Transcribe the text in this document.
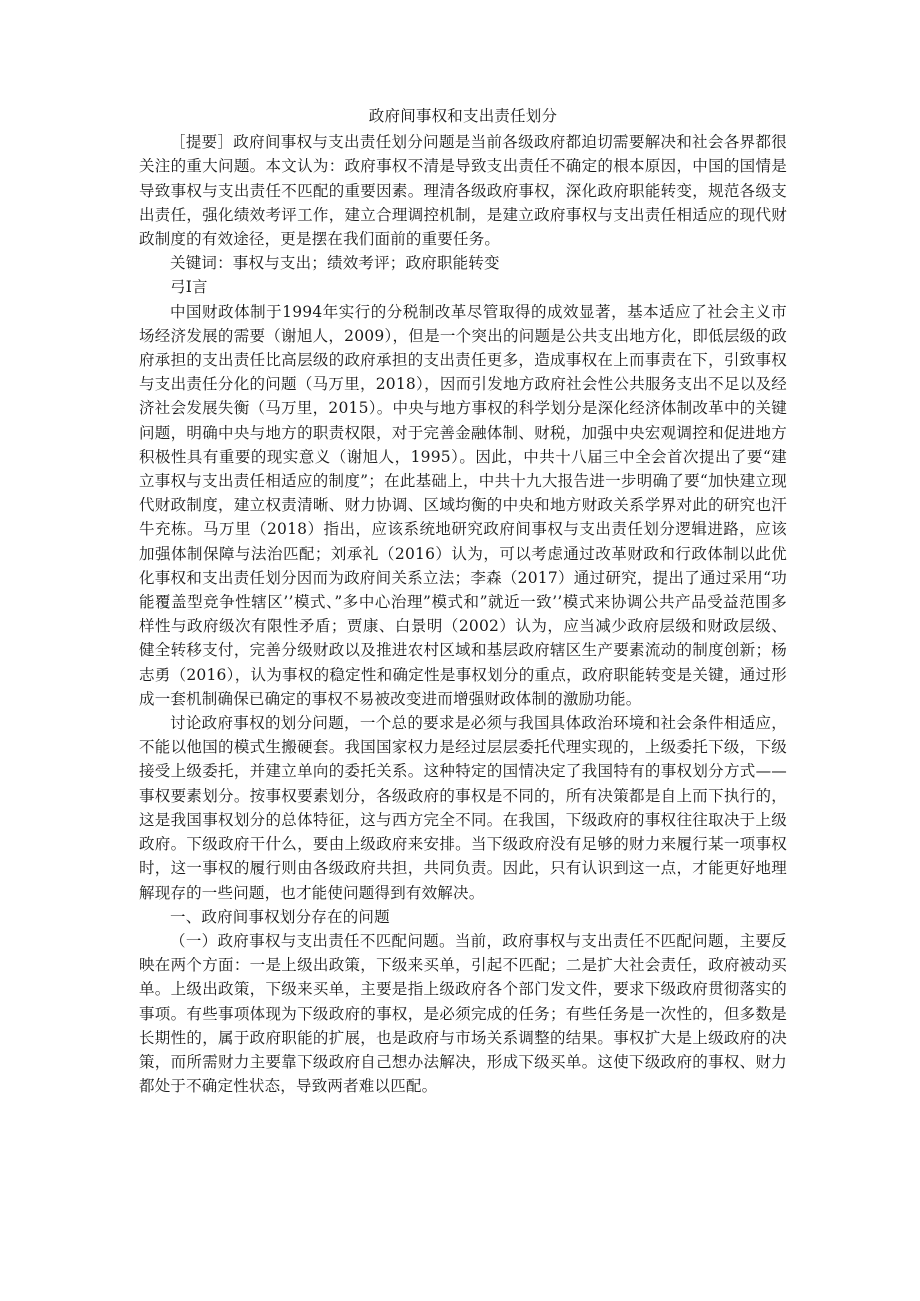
政府间事权和支出责任划分

［提要］政府间事权与支出责任划分问题是当前各级政府都迫切需要解决和社会各界都很关注的重大问题。本文认为：政府事权不清是导致支出责任不确定的根本原因，中国的国情是导致事权与支出责任不匹配的重要因素。理清各级政府事权，深化政府职能转变，规范各级支出责任，强化绩效考评工作，建立合理调控机制，是建立政府事权与支出责任相适应的现代财政制度的有效途径，更是摆在我们面前的重要任务。

关键词：事权与支出；绩效考评；政府职能转变

弓I言

中国财政体制于1994年实行的分税制改革尽管取得的成效显著，基本适应了社会主义市场经济发展的需要（谢旭人，2009），但是一个突出的问题是公共支出地方化，即低层级的政府承担的支出责任比高层级的政府承担的支出责任更多，造成事权在上而事责在下，引致事权与支出责任分化的问题（马万里，2018），因而引发地方政府社会性公共服务支出不足以及经济社会发展失衡（马万里，2015）。中央与地方事权的科学划分是深化经济体制改革中的关键问题，明确中央与地方的职责权限，对于完善金融体制、财税，加强中央宏观调控和促进地方积极性具有重要的现实意义（谢旭人，1995）。因此，中共十八届三中全会首次提出了要“建立事权与支出责任相适应的制度”；在此基础上，中共十九大报告进一步明确了要“加快建立现代财政制度，建立权责清晰、财力协调、区域均衡的中央和地方财政关系学界对此的研究也汗牛充栋。马万里（2018）指出，应该系统地研究政府间事权与支出责任划分逻辑进路，应该加强体制保障与法治匹配；刘承礼（2016）认为，可以考虑通过改革财政和行政体制以此优化事权和支出责任划分因而为政府间关系立法；李森（2017）通过研究，提出了通过采用“功能覆盖型竞争性辖区’’模式、”多中心治理”模式和”就近一致’’模式来协调公共产品受益范围多样性与政府级次有限性矛盾；贾康、白景明（2002）认为，应当减少政府层级和财政层级、健全转移支付，完善分级财政以及推进农村区域和基层政府辖区生产要素流动的制度创新；杨志勇（2016），认为事权的稳定性和确定性是事权划分的重点，政府职能转变是关键，通过形成一套机制确保已确定的事权不易被改变进而增强财政体制的激励功能。

讨论政府事权的划分问题，一个总的要求是必须与我国具体政治环境和社会条件相适应，不能以他国的模式生搬硬套。我国国家权力是经过层层委托代理实现的，上级委托下级，下级接受上级委托，并建立单向的委托关系。这种特定的国情决定了我国特有的事权划分方式——事权要素划分。按事权要素划分，各级政府的事权是不同的，所有决策都是自上而下执行的，这是我国事权划分的总体特征，这与西方完全不同。在我国，下级政府的事权往往取决于上级政府。下级政府干什么，要由上级政府来安排。当下级政府没有足够的财力来履行某一项事权时，这一事权的履行则由各级政府共担，共同负责。因此，只有认识到这一点，才能更好地理解现存的一些问题，也才能使问题得到有效解决。

一、政府间事权划分存在的问题

（一）政府事权与支出责任不匹配问题。当前，政府事权与支出责任不匹配问题，主要反映在两个方面：一是上级出政策，下级来买单，引起不匹配；二是扩大社会责任，政府被动买单。上级出政策，下级来买单，主要是指上级政府各个部门发文件，要求下级政府贯彻落实的事项。有些事项体现为下级政府的事权，是必须完成的任务；有些任务是一次性的，但多数是长期性的，属于政府职能的扩展，也是政府与市场关系调整的结果。事权扩大是上级政府的决策，而所需财力主要靠下级政府自己想办法解决，形成下级买单。这使下级政府的事权、财力都处于不确定性状态，导致两者难以匹配。
